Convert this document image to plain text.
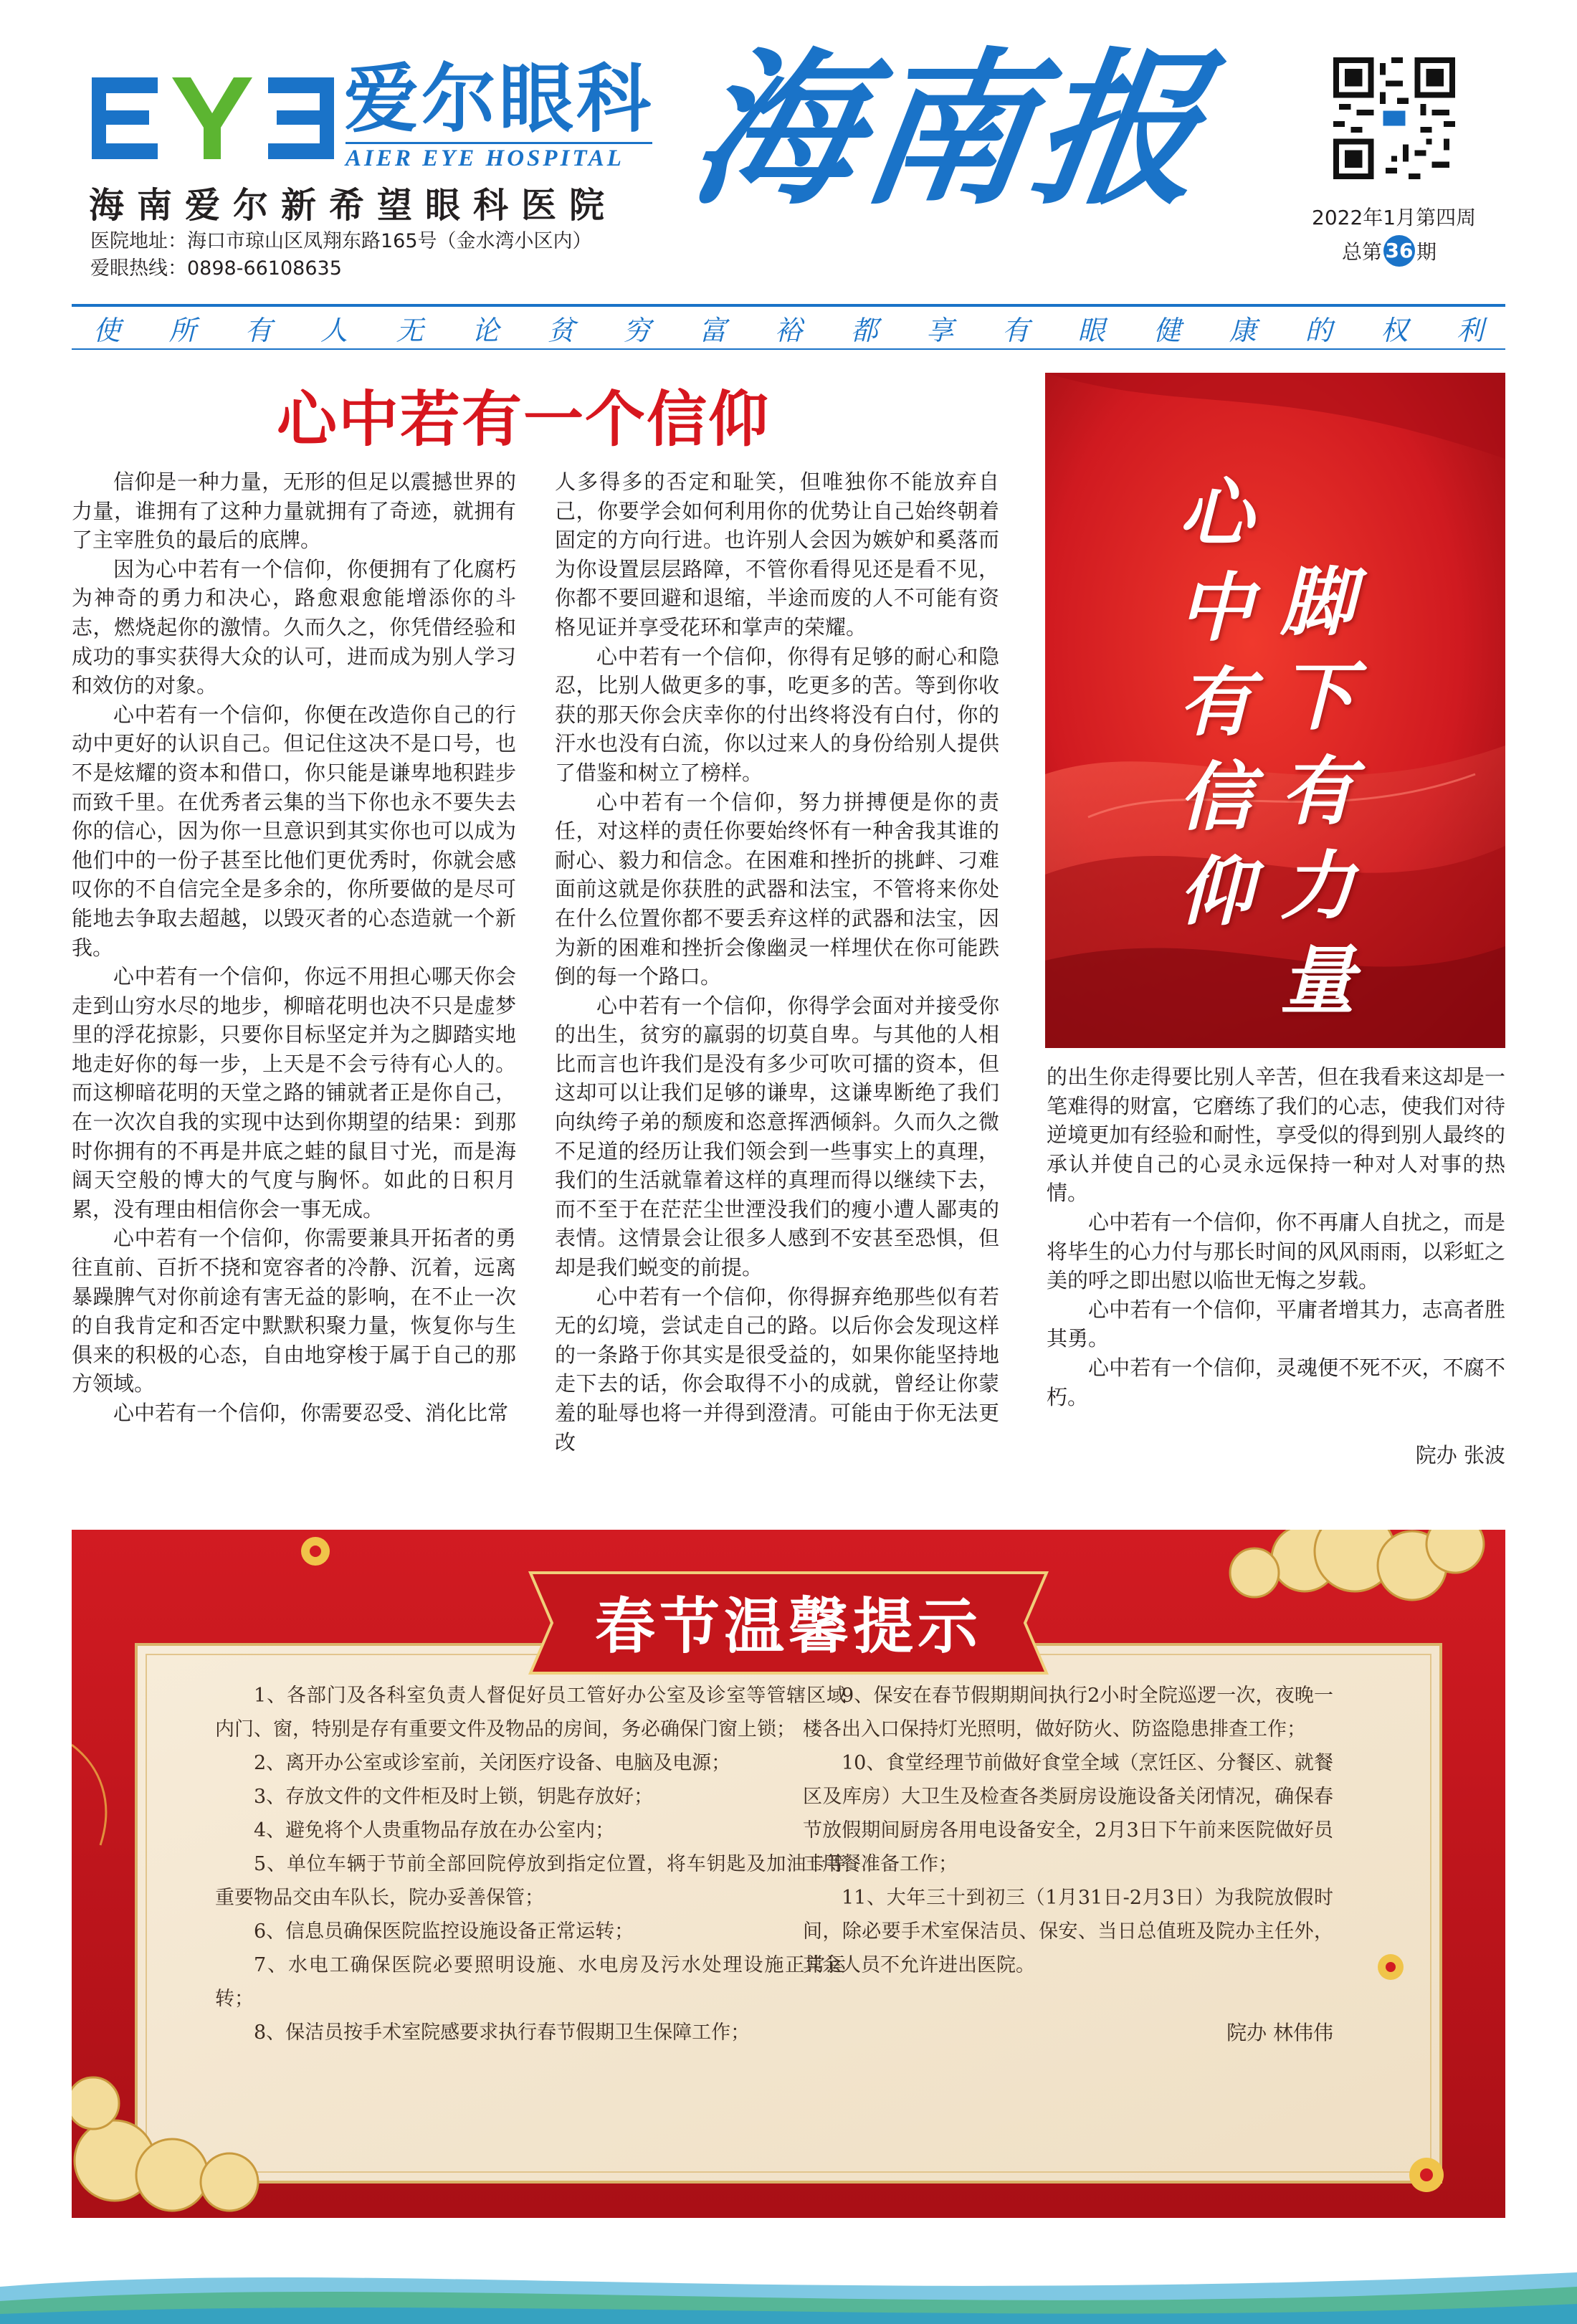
爱尔眼科
AIER EYE HOSPITAL
海南爱尔新希望眼科医院
医院地址：海口市琼山区凤翔东路165号（金水湾小区内）
爱眼热线：0898-66108635
海南报	2022年1月第四周
总第 36 期
使 所 有 人 无 论 贫 穷 富 裕 都 享 有 眼 健 康 的 权 利
心中若有一个信仰

信仰是一种力量，无形的但足以震撼世界的力量，谁拥有了这种力量就拥有了奇迹，就拥有了主宰胜负的最后的底牌。

因为心中若有一个信仰，你便拥有了化腐朽为神奇的勇力和决心，路愈艰愈能增添你的斗志，燃烧起你的激情。久而久之，你凭借经验和成功的事实获得大众的认可，进而成为别人学习和效仿的对象。

心中若有一个信仰，你便在改造你自己的行动中更好的认识自己。但记住这决不是口号，也不是炫耀的资本和借口，你只能是谦卑地积跬步而致千里。在优秀者云集的当下你也永不要失去你的信心，因为你一旦意识到其实你也可以成为他们中的一份子甚至比他们更优秀时，你就会感叹你的不自信完全是多余的，你所要做的是尽可能地去争取去超越，以毁灭者的心态造就一个新我。

心中若有一个信仰，你远不用担心哪天你会走到山穷水尽的地步，柳暗花明也决不只是虚梦里的浮花掠影，只要你目标坚定并为之脚踏实地地走好你的每一步，上天是不会亏待有心人的。而这柳暗花明的天堂之路的铺就者正是你自己，在一次次自我的实现中达到你期望的结果：到那时你拥有的不再是井底之蛙的鼠目寸光，而是海阔天空般的博大的气度与胸怀。如此的日积月累，没有理由相信你会一事无成。

心中若有一个信仰，你需要兼具开拓者的勇往直前、百折不挠和宽容者的冷静、沉着，远离暴躁脾气对你前途有害无益的影响，在不止一次的自我肯定和否定中默默积聚力量，恢复你与生俱来的积极的心态，自由地穿梭于属于自己的那方领域。

心中若有一个信仰，你需要忍受、消化比常

人多得多的否定和耻笑，但唯独你不能放弃自己，你要学会如何利用你的优势让自己始终朝着固定的方向行进。也许别人会因为嫉妒和奚落而为你设置层层路障，不管你看得见还是看不见，你都不要回避和退缩，半途而废的人不可能有资格见证并享受花环和掌声的荣耀。

心中若有一个信仰，你得有足够的耐心和隐忍，比别人做更多的事，吃更多的苦。等到你收获的那天你会庆幸你的付出终将没有白付，你的汗水也没有白流，你以过来人的身份给别人提供了借鉴和树立了榜样。

心中若有一个信仰，努力拼搏便是你的责任，对这样的责任你要始终怀有一种舍我其谁的耐心、毅力和信念。在困难和挫折的挑衅、刁难面前这就是你获胜的武器和法宝，不管将来你处在什么位置你都不要丢弃这样的武器和法宝，因为新的困难和挫折会像幽灵一样埋伏在你可能跌倒的每一个路口。

心中若有一个信仰，你得学会面对并接受你的出生，贫穷的羸弱的切莫自卑。与其他的人相比而言也许我们是没有多少可吹可擂的资本，但这却可以让我们足够的谦卑，这谦卑断绝了我们向纨绔子弟的颓废和恣意挥洒倾斜。久而久之微不足道的经历让我们领会到一些事实上的真理，我们的生活就靠着这样的真理而得以继续下去，而不至于在茫茫尘世湮没我们的瘦小遭人鄙夷的表情。这情景会让很多人感到不安甚至恐惧，但却是我们蜕变的前提。

心中若有一个信仰，你得摒弃绝那些似有若无的幻境，尝试走自己的路。以后你会发现这样的一条路于你其实是很受益的，如果你能坚持地走下去的话，你会取得不小的成就，曾经让你蒙羞的耻辱也将一并得到澄清。可能由于你无法更改

的出生你走得要比别人辛苦，但在我看来这却是一笔难得的财富，它磨练了我们的心志，使我们对待逆境更加有经验和耐性，享受似的得到别人最终的承认并使自己的心灵永远保持一种对人对事的热情。

心中若有一个信仰，你不再庸人自扰之，而是将毕生的心力付与那长时间的风风雨雨，以彩虹之美的呼之即出慰以临世无悔之岁载。

心中若有一个信仰，平庸者增其力，志高者胜其勇。

心中若有一个信仰，灵魂便不死不灭，不腐不朽。

院办 张波
心
中
有
信
仰
脚
下
有
力
量
春节温馨提示

1、各部门及各科室负责人督促好员工管好办公室及诊室等管辖区域内门、窗，特别是存有重要文件及物品的房间，务必确保门窗上锁；

2、离开办公室或诊室前，关闭医疗设备、电脑及电源；

3、存放文件的文件柜及时上锁，钥匙存放好；

4、避免将个人贵重物品存放在办公室内；

5、单位车辆于节前全部回院停放到指定位置，将车钥匙及加油卡等重要物品交由车队长，院办妥善保管；

6、信息员确保医院监控设施设备正常运转；

7、水电工确保医院必要照明设施、水电房及污水处理设施正常运转；

8、保洁员按手术室院感要求执行春节假期卫生保障工作；

9、保安在春节假期期间执行2小时全院巡逻一次，夜晚一楼各出入口保持灯光照明，做好防火、防盗隐患排查工作；

10、食堂经理节前做好食堂全域（烹饪区、分餐区、就餐区及库房）大卫生及检查各类厨房设施设备关闭情况，确保春节放假期间厨房各用电设备安全，2月3日下午前来医院做好员工用餐准备工作；

11、大年三十到初三（1月31日-2月3日）为我院放假时间，除必要手术室保洁员、保安、当日总值班及院办主任外，其余人员不允许进出医院。

院办 林伟伟
